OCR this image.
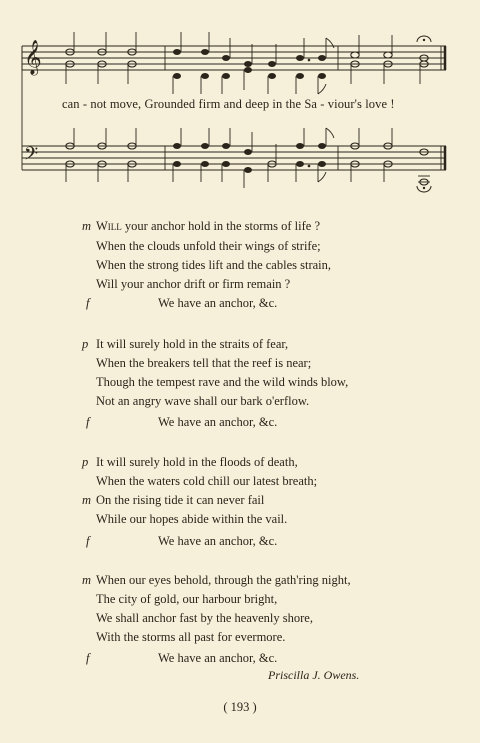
𝄞
𝄢
can - not move, Grounded firm and deep in the Sa - viour's love !
m Will your anchor hold in the storms of life ?
When the clouds unfold their wings of strife;
When the strong tides lift and the cables strain,
Will your anchor drift or firm remain ?
f	We have an anchor, &c.
p It will surely hold in the straits of fear,
When the breakers tell that the reef is near;
Though the tempest rave and the wild winds blow,
Not an angry wave shall our bark o'erflow.
f	We have an anchor, &c.
p It will surely hold in the floods of death,
When the waters cold chill our latest breath;
m On the rising tide it can never fail
While our hopes abide within the vail.
f	We have an anchor, &c.
m When our eyes behold, through the gath'ring night,
The city of gold, our harbour bright,
We shall anchor fast by the heavenly shore,
With the storms all past for evermore.
f	We have an anchor, &c.
Priscilla J. Owens.
( 193 )
